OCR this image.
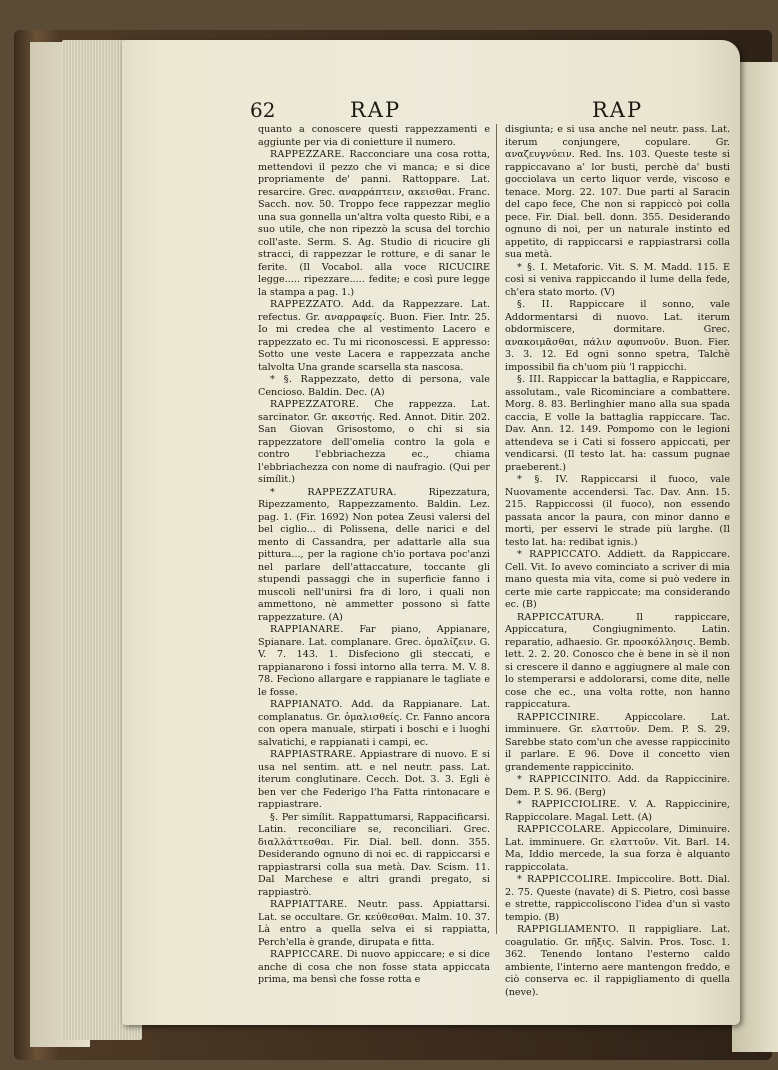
62	RAP	RAP

quanto a conoscere questi rappezzamenti e aggiunte per via di conietture il numero.

RAPPEZZARE. Racconciare una cosa rotta, mettendovi il pezzo che vi manca; e si dice propriamente de' panni. Rattoppare. Lat. resarcire. Grec. αναρράπτειν, ακεισθαι. Franc. Sacch. nov. 50. Troppo fece rappezzar meglio una sua gonnella un'altra volta questo Ribi, e a suo utile, che non ripezzò la scusa del torchio coll'aste. Serm. S. Ag. Studio di ricucire gli stracci, di rappezzar le rotture, e di sanar le ferite. (Il Vocabol. alla voce RICUCIRE legge..... ripezzare..... fedite; e così pure legge la stampa a pag. 1.)

RAPPEZZATO. Add. da Rappezzare. Lat. refectus. Gr. αναρραφείς. Buon. Fier. Intr. 25. Io mi credea che al vestimento Lacero e rappezzato ec. Tu mi riconoscessi. E appresso: Sotto une veste Lacera e rappezzata anche talvolta Una grande scarsella sta nascosa.

* §. Rappezzato, detto di persona, vale Cencioso. Baldin. Dec. (A)

RAPPEZZATORE. Che rappezza. Lat. sarcinator. Gr. ακεστής. Red. Annot. Ditir. 202. San Giovan Grisostomo, o chi si sia rappezzatore dell'omelia contro la gola e contro l'ebbriachezza ec., chiama l'ebbriachezza con nome di naufragio. (Qui per simílit.)

* RAPPEZZATURA.	Ripezzatura, Ripezzamento, Rappezzamento. Baldin. Lez. pag. 1. (Fir. 1692) Non potea Zeusi valersi del bel ciglio... di Polissena, delle narici e del mento di Cassandra, per adattarle alla sua pittura..., per la ragione ch'io portava poc'anzi nel parlare dell'attaccature, toccante gli stupendi passaggi che in superficie fanno i muscoli nell'unirsi fra di loro, i quali non ammettono, nè ammetter possono sì fatte rappezzature. (A)

RAPPIANARE. Far piano, Appianare, Spianare. Lat. complanare. Grec. ὁμαλίζειν. G. V. 7. 143. 1. Disfeciono gli steccati, e rappianarono i fossi intorno alla terra. M. V. 8. 78. Fecìono allargare e rappianare le tagliate e le fosse.

RAPPIANATO. Add. da Rappianare. Lat. complanatus. Gr. ὁμαλισθείς. Cr. Fanno ancora con opera manuale, stirpati i boschi e i luoghi salvatichi, e rappianati i campi, ec.

RAPPIASTRARE. Appiastrare di nuovo. E si usa nel sentim. att. e nel neutr. pass. Lat. iterum conglutinare. Cecch. Dot. 3. 3. Egli è ben ver che Federigo l'ha Fatta rintonacare e rappiastrare.

§. Per simílit. Rappattumarsi, Rappacificarsi. Latin. reconciliare se, reconciliari. Grec. διαλλάττεσθαι. Fir. Dial. bell. donn. 355. Desiderando ognuno di noi ec. di rappiccarsi e rappiastrarsi colla sua metà. Dav. Scism. 11. Dal Marchese e altri grandi pregato, si rappiastrò.

RAPPIATTARE. Neutr. pass. Appiattarsi. Lat. se occultare. Gr. κεύθεσθαι. Malm. 10. 37. Là entro a quella selva ei si rappiatta, Perch'ella è grande, dirupata e fitta.

RAPPICCARE. Di nuovo appiccare; e si dice anche di cosa che non fosse stata appiccata prima, ma bensì che fosse rotta e

disgiunta; e si usa anche nel neutr. pass. Lat. iterum conjungere, copulare. Gr. αναζευγνύειν. Red. Ins. 103. Queste teste si rappiccavano a' lor busti, perchè da' busti gocciolava un certo liquor verde, viscoso e tenace. Morg. 22. 107. Due parti al Saracin del capo fece, Che non si rappiccò poi colla pece. Fir. Dial. bell. donn. 355. Desiderando ognuno di noi, per un naturale instinto ed appetito, di rappiccarsi e rappiastrarsi colla sua metà.

* §. I. Metaforic. Vit. S. M. Madd. 115. E così si veniva rappiccando il lume della fede, ch'era stato morto. (V)

§. II. Rappiccare il sonno, vale Addormentarsi di nuovo. Lat. iterum obdormiscere, dormitare. Grec. ανακοιμᾶσθαι, πάλιν αφυπνοῦν. Buon. Fier. 3. 3. 12. Ed ogni sonno spetra, Talchè impossibil fia ch'uom più 'l rappicchi.

§. III. Rappiccar la battaglia, e Rappiccare, assolutam., vale Ricominciare a combattere. Morg. 8. 83. Berlinghier mano alla sua spada caccia, E volle la battaglia rappiccare. Tac. Dav. Ann. 12. 149. Pompomo con le legioni attendeva se i Cati si fossero appiccati, per vendicarsi. (Il testo lat. ha: cassum pugnae praeberent.)

* §. IV. Rappiccarsi il fuoco, vale Nuovamente accendersi. Tac. Dav. Ann. 15. 215. Rappiccossi (il fuoco), non essendo passata ancor la paura, con minor danno e morti, per esservi le strade più larghe. (Il testo lat. ha: redibat ignis.)

* RAPPICCATO. Addiett. da Rappiccare. Cell. Vit. Io avevo cominciato a scriver di mia mano questa mia vita, come si può vedere in certe mie carte rappiccate; ma considerando ec. (B)

RAPPICCATURA.	Il rappiccare, Appiccatura, Congiugnimento. Latin. reparatio, adhaesio. Gr. προσκόλλησις. Bemb. lett. 2. 2. 20. Conosco che è bene in sè il non si crescere il danno e aggiugnere al male con lo stemperarsi e addolorarsi, come dite, nelle cose che ec., una volta rotte, non hanno rappiccatura.

RAPPICCINIRE.	Appiccolare. Lat. imminuere. Gr. ελαττοῦν. Dem. P. S. 29. Sarebbe stato com'un che avesse rappiccinito il parlare. E 96. Dove il concetto vien grandemente rappiccinito.

* RAPPICCINITO. Add. da Rappiccinire. Dem. P. S. 96. (Berg)

* RAPPICCIOLIRE. V. A. Rappiccinire, Rappiccolare. Magal. Lett. (A)

RAPPICCOLARE. Appiccolare, Diminuire. Lat. imminuere. Gr. ελαττοῦν. Vit. Barl. 14. Ma, Iddio mercede, la sua forza è alquanto rappiccolata.

* RAPPICCOLIRE. Impiccolire. Bott. Dial. 2. 75. Queste (navate) di S. Pietro, così basse e strette, rappiccoliscono l'idea d'un sì vasto tempio. (B)

RAPPIGLIAMENTO. Il rappigliare. Lat. coagulatio. Gr. πῆξις. Salvin. Pros. Tosc. 1. 362. Tenendo lontano l'esterno caldo ambiente, l'interno aere mantengon freddo, e ciò conserva ec. il rappigliamento di quella (neve).
